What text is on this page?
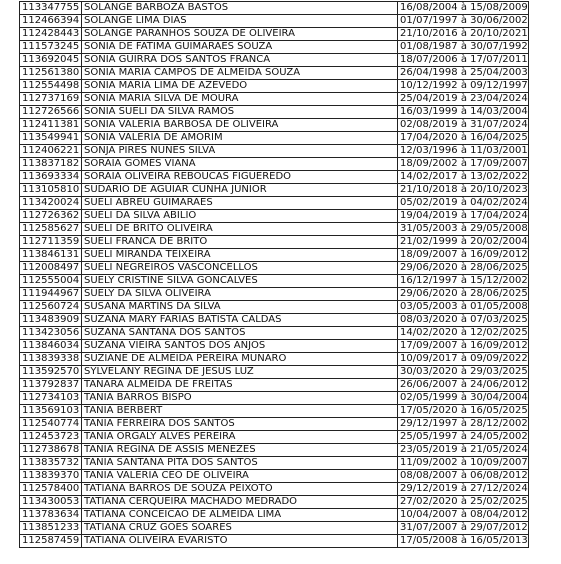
113347755	SOLANGE BARBOZA BASTOS	16/08/2004 à 15/08/2009
112466394	SOLANGE LIMA DIAS	01/07/1997 à 30/06/2002
112428443	SOLANGE PARANHOS SOUZA DE OLIVEIRA	21/10/2016 à 20/10/2021
111573245	SONIA DE FATIMA GUIMARAES SOUZA	01/08/1987 à 30/07/1992
113692045	SONIA GUIRRA DOS SANTOS FRANCA	18/07/2006 à 17/07/2011
112561380	SONIA MARIA CAMPOS DE ALMEIDA SOUZA	26/04/1998 à 25/04/2003
112554498	SONIA MARIA LIMA DE AZEVEDO	10/12/1992 à 09/12/1997
112737169	SONIA MARIA SILVA DE MOURA	25/04/2019 à 23/04/2024
112726566	SONIA SUELI DA SILVA RAMOS	16/03/1999 à 14/03/2004
112411381	SONIA VALERIA BARBOSA DE OLIVEIRA	02/08/2019 à 31/07/2024
113549941	SONIA VALERIA DE AMORIM	17/04/2020 à 16/04/2025
112406221	SONJA PIRES NUNES SILVA	12/03/1996 à 11/03/2001
113837182	SORAIA GOMES VIANA	18/09/2002 à 17/09/2007
113693334	SORAIA OLIVEIRA REBOUCAS FIGUEREDO	14/02/2017 à 13/02/2022
113105810	SUDARIO DE AGUIAR CUNHA JUNIOR	21/10/2018 à 20/10/2023
113420024	SUELI ABREU GUIMARAES	05/02/2019 à 04/02/2024
112726362	SUELI DA SILVA ABILIO	19/04/2019 à 17/04/2024
112585627	SUELI DE BRITO OLIVEIRA	31/05/2003 à 29/05/2008
112711359	SUELI FRANCA DE BRITO	21/02/1999 à 20/02/2004
113846131	SUELI MIRANDA TEIXEIRA	18/09/2007 à 16/09/2012
112008497	SUELI NEGREIROS VASCONCELLOS	29/06/2020 à 28/06/2025
112555004	SUELY CRISTINE SILVA GONCALVES	16/12/1997 à 15/12/2002
111944967	SUELY DA SILVA OLIVEIRA	29/06/2020 à 28/06/2025
112560724	SUSANA MARTINS DA SILVA	03/05/2003 à 01/05/2008
113483909	SUZANA MARY FARIAS BATISTA CALDAS	08/03/2020 à 07/03/2025
113423056	SUZANA SANTANA DOS SANTOS	14/02/2020 à 12/02/2025
113846034	SUZANA VIEIRA SANTOS DOS ANJOS	17/09/2007 à 16/09/2012
113839338	SUZIANE DE ALMEIDA PEREIRA MUNARO	10/09/2017 à 09/09/2022
113592570	SYLVELANY REGINA DE JESUS LUZ	30/03/2020 à 29/03/2025
113792837	TANARA ALMEIDA DE FREITAS	26/06/2007 à 24/06/2012
112734103	TANIA BARROS BISPO	02/05/1999 à 30/04/2004
113569103	TANIA BERBERT	17/05/2020 à 16/05/2025
112540774	TANIA FERREIRA DOS SANTOS	29/12/1997 à 28/12/2002
112453723	TANIA ORGALY ALVES PEREIRA	25/05/1997 à 24/05/2002
112738678	TANIA REGINA DE ASSIS MENEZES	23/05/2019 à 21/05/2024
113835732	TANIA SANTANA PITA DOS SANTOS	11/09/2002 à 10/09/2007
113839370	TANIA VALERIA CEO DE OLIVEIRA	08/08/2007 à 06/08/2012
112578400	TATIANA BARROS DE SOUZA PEIXOTO	29/12/2019 à 27/12/2024
113430053	TATIANA CERQUEIRA MACHADO MEDRADO	27/02/2020 à 25/02/2025
113783634	TATIANA CONCEICAO DE ALMEIDA LIMA	10/04/2007 à 08/04/2012
113851233	TATIANA CRUZ GOES SOARES	31/07/2007 à 29/07/2012
112587459	TATIANA OLIVEIRA EVARISTO	17/05/2008 à 16/05/2013
